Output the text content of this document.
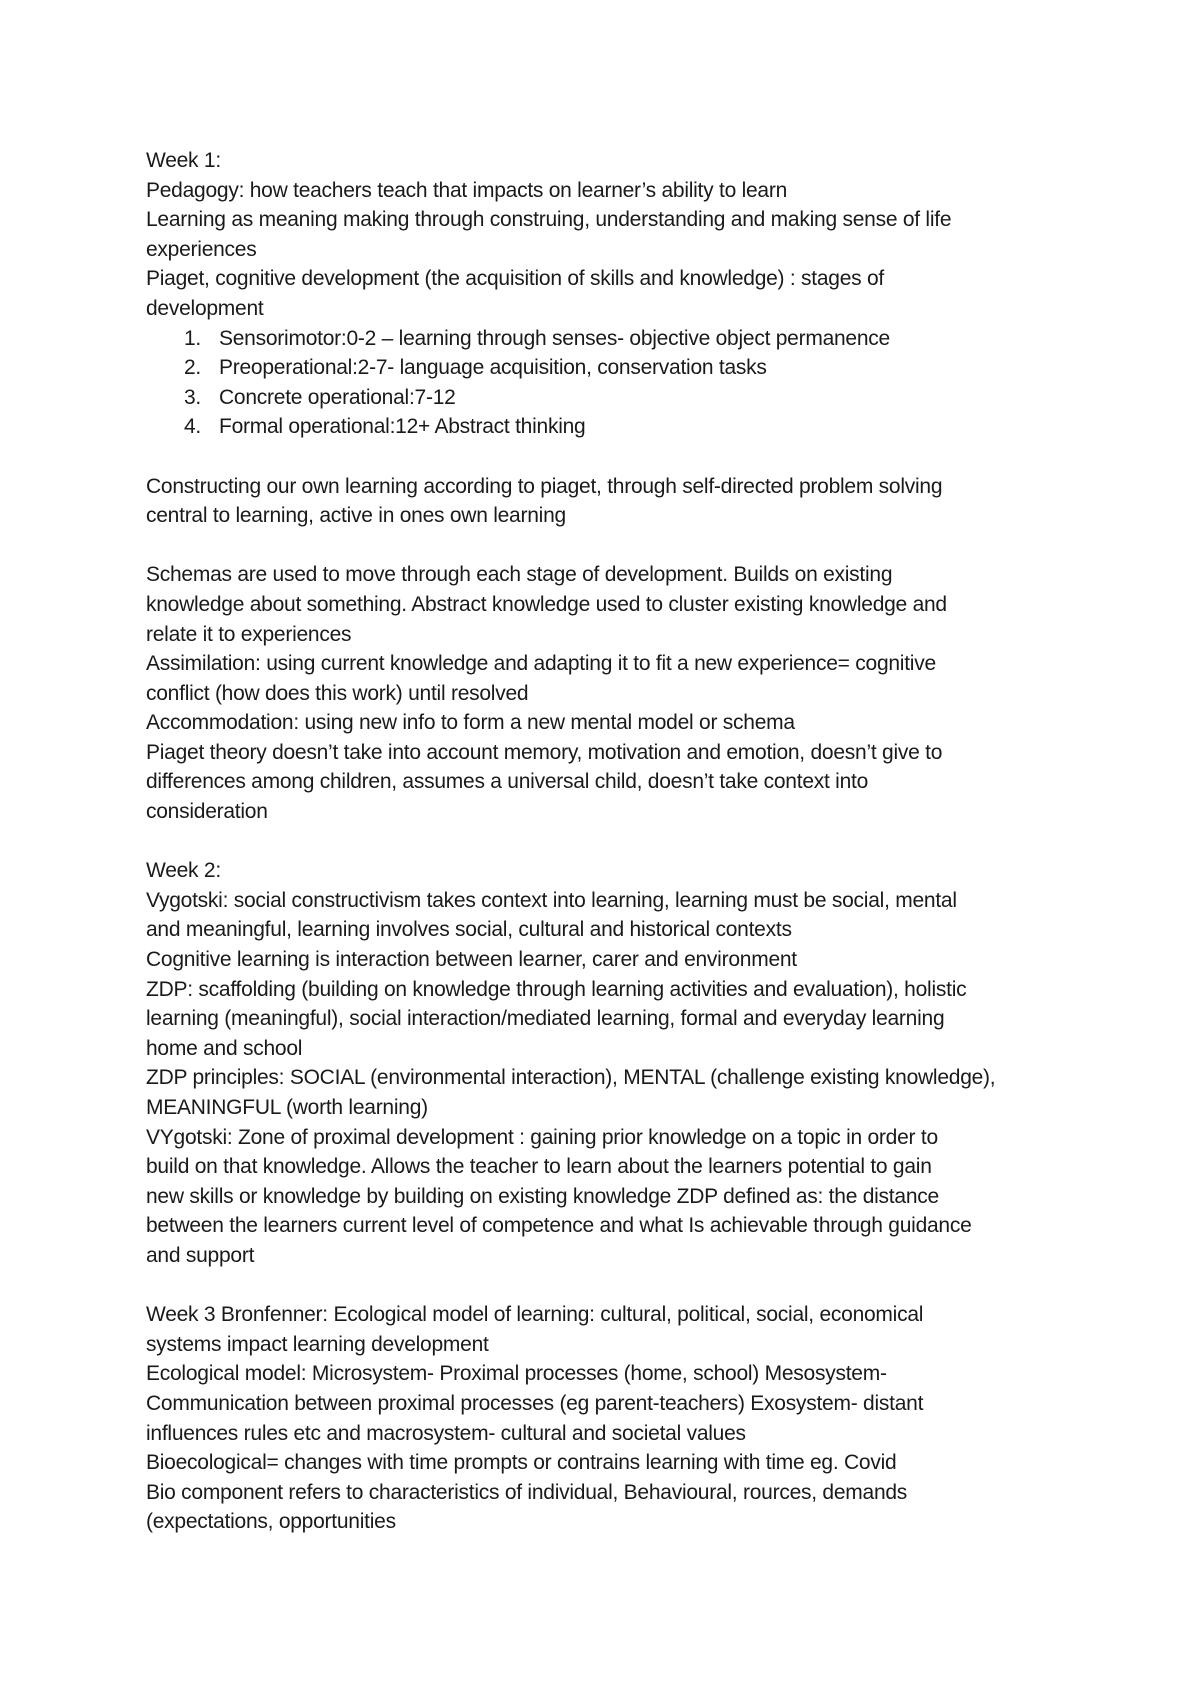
Week 1:
Pedagogy: how teachers teach that impacts on learner’s ability to learn
Learning as meaning making through construing, understanding and making sense of life
experiences
Piaget, cognitive development (the acquisition of skills and knowledge) : stages of
development
1. Sensorimotor:0-2 – learning through senses- objective object permanence
2. Preoperational:2-7- language acquisition, conservation tasks
3. Concrete operational:7-12
4. Formal operational:12+ Abstract thinking
Constructing our own learning according to piaget, through self-directed problem solving
central to learning, active in ones own learning
Schemas are used to move through each stage of development. Builds on existing
knowledge about something. Abstract knowledge used to cluster existing knowledge and
relate it to experiences
Assimilation: using current knowledge and adapting it to fit a new experience= cognitive
conflict (how does this work) until resolved
Accommodation: using new info to form a new mental model or schema
Piaget theory doesn’t take into account memory, motivation and emotion, doesn’t give to
differences among children, assumes a universal child, doesn’t take context into
consideration
Week 2:
Vygotski: social constructivism takes context into learning, learning must be social, mental
and meaningful, learning involves social, cultural and historical contexts
Cognitive learning is interaction between learner, carer and environment
ZDP: scaffolding (building on knowledge through learning activities and evaluation), holistic
learning (meaningful), social interaction/mediated learning, formal and everyday learning
home and school
ZDP principles: SOCIAL (environmental interaction), MENTAL (challenge existing knowledge),
MEANINGFUL (worth learning)
VYgotski: Zone of proximal development : gaining prior knowledge on a topic in order to
build on that knowledge. Allows the teacher to learn about the learners potential to gain
new skills or knowledge by building on existing knowledge ZDP defined as: the distance
between the learners current level of competence and what Is achievable through guidance
and support
Week 3 Bronfenner: Ecological model of learning: cultural, political, social, economical
systems impact learning development
Ecological model: Microsystem- Proximal processes (home, school) Mesosystem-
Communication between proximal processes (eg parent-teachers) Exosystem- distant
influences rules etc and macrosystem- cultural and societal values
Bioecological= changes with time prompts or contrains learning with time eg. Covid
Bio component refers to characteristics of individual, Behavioural, rources, demands
(expectations, opportunities
